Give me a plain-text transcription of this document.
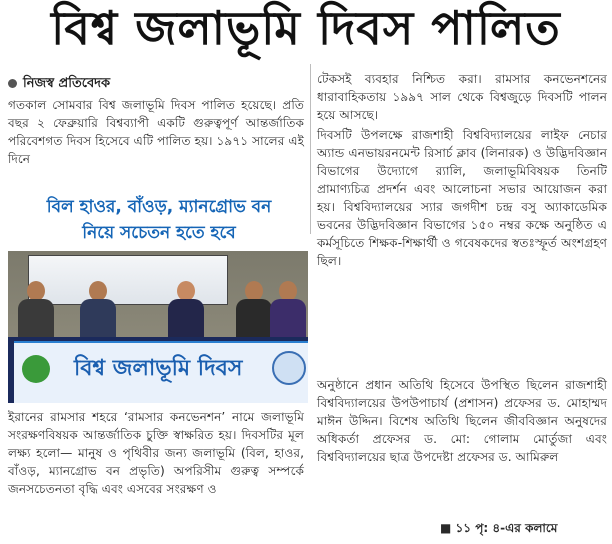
বিশ্ব জলাভূমি দিবস পালিত
নিজস্ব প্রতিবেদক

গতকাল সোমবার বিশ্ব জলাভূমি দিবস পালিত হয়েছে। প্রতি বছর ২ ফেব্রুয়ারি বিশ্বব্যাপী একটি গুরুত্বপূর্ণ আন্তর্জাতিক পরিবেশগত দিবস হিসেবে এটি পালিত হয়। ১৯৭১ সালের এই দিনে

বিল হাওর, বাঁওড়, ম্যানগ্রোভ বন
নিয়ে সচেতন হতে হবে
বিশ্ব জলাভূমি দিবস

ইরানের রামসার শহরে ‘রামসার কনভেনশন’ নামে জলাভূমি সংরক্ষণবিষয়ক আন্তর্জাতিক চুক্তি স্বাক্ষরিত হয়। দিবসটির মূল লক্ষ্য হলো— মানুষ ও পৃথিবীর জন্য জলাভূমি (বিল, হাওর, বাঁওড়, ম্যানগ্রোভ বন প্রভৃতি) অপরিসীম গুরুত্ব সম্পর্কে জনসচেতনতা বৃদ্ধি এবং এসবের সংরক্ষণ ও

টেকসই ব্যবহার নিশ্চিত করা। রামসার কনভেনশনের ধারাবাহিকতায় ১৯৯৭ সাল থেকে বিশ্বজুড়ে দিবসটি পালন হয়ে আসছে।

দিবসটি উপলক্ষে রাজশাহী বিশ্ববিদ্যালয়ের লাইফ নেচার অ্যান্ড এনভায়রনমেন্ট রিসার্চ ক্লাব (লিনারক) ও উদ্ভিদবিজ্ঞান বিভাগের উদ্যোগে র‌্যালি, জলাভূমিবিষয়ক তিনটি প্রামাণ্যচিত্র প্রদর্শন এবং আলোচনা সভার আয়োজন করা হয়। বিশ্ববিদ্যালয়ের স্যার জগদীশ চন্দ্র বসু অ্যাকাডেমিক ভবনের উদ্ভিদবিজ্ঞান বিভাগের ১৫০ নম্বর কক্ষে অনুষ্ঠিত এ কর্মসূচিতে শিক্ষক-শিক্ষার্থী ও গবেষকদের স্বতঃস্ফূর্ত অংশগ্রহণ ছিল।

অনুষ্ঠানে প্রধান অতিথি হিসেবে উপস্থিত ছিলেন রাজশাহী বিশ্ববিদ্যালয়ের উপউপাচার্য (প্রশাসন) প্রফেসর ড. মোহাম্মদ মাঈন উদ্দিন। বিশেষ অতিথি ছিলেন জীববিজ্ঞান অনুষদের অধিকর্তা প্রফেসর ড. মো: গোলাম মোর্তুজা এবং বিশ্ববিদ্যালয়ের ছাত্র উপদেষ্টা প্রফেসর ড. আমিরুল

■ ১১ পৃ: ৪-এর কলামে
